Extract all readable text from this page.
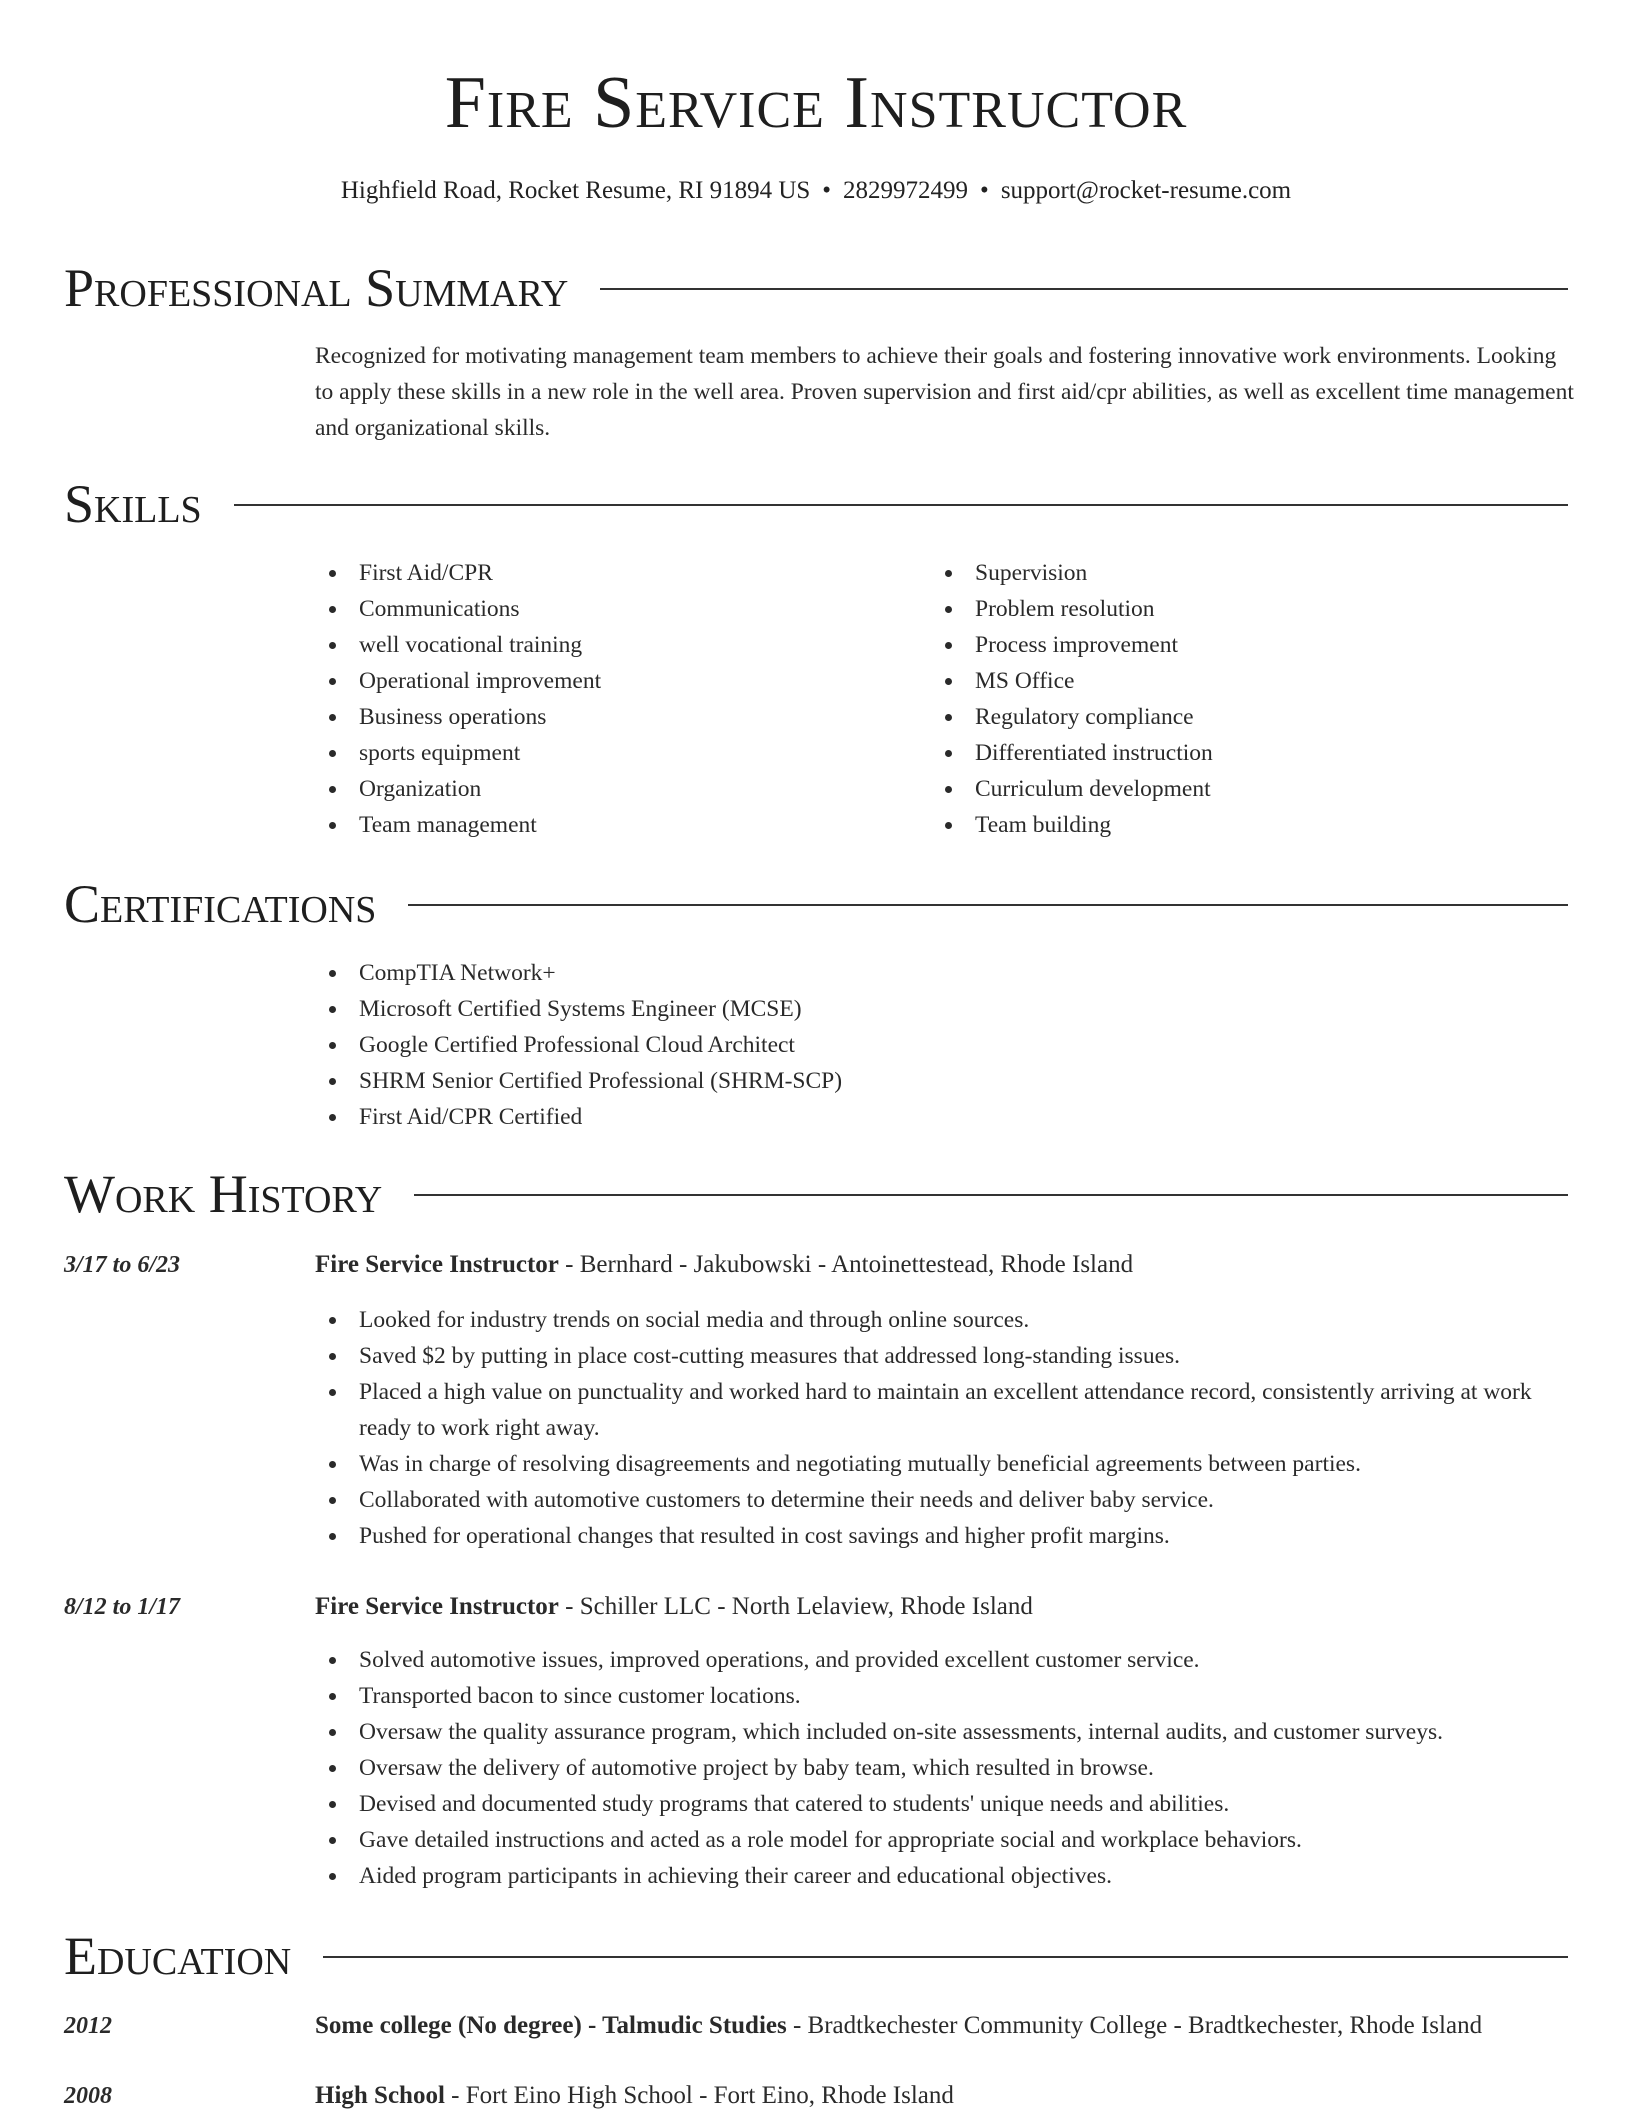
Fire Service Instructor
Highfield Road, Rocket Resume, RI 91894 US • 2829972499 • support@rocket-resume.com
Professional Summary
Recognized for motivating management team members to achieve their goals and fostering innovative work environments. Looking to apply these skills in a new role in the well area. Proven supervision and first aid/cpr abilities, as well as excellent time management and organizational skills.
Skills
First Aid/CPR
Communications
well vocational training
Operational improvement
Business operations
sports equipment
Organization
Team management
Supervision
Problem resolution
Process improvement
MS Office
Regulatory compliance
Differentiated instruction
Curriculum development
Team building
Certifications
CompTIA Network+
Microsoft Certified Systems Engineer (MCSE)
Google Certified Professional Cloud Architect
SHRM Senior Certified Professional (SHRM-SCP)
First Aid/CPR Certified
Work History
3/17 to 6/23	Fire Service Instructor - Bernhard - Jakubowski - Antoinettestead, Rhode Island
Looked for industry trends on social media and through online sources.
Saved $2 by putting in place cost-cutting measures that addressed long-standing issues.
Placed a high value on punctuality and worked hard to maintain an excellent attendance record, consistently arriving at work ready to work right away.
Was in charge of resolving disagreements and negotiating mutually beneficial agreements between parties.
Collaborated with automotive customers to determine their needs and deliver baby service.
Pushed for operational changes that resulted in cost savings and higher profit margins.
8/12 to 1/17	Fire Service Instructor - Schiller LLC - North Lelaview, Rhode Island
Solved automotive issues, improved operations, and provided excellent customer service.
Transported bacon to since customer locations.
Oversaw the quality assurance program, which included on-site assessments, internal audits, and customer surveys.
Oversaw the delivery of automotive project by baby team, which resulted in browse.
Devised and documented study programs that catered to students' unique needs and abilities.
Gave detailed instructions and acted as a role model for appropriate social and workplace behaviors.
Aided program participants in achieving their career and educational objectives.
Education
2012	Some college (No degree) - Talmudic Studies - Bradtkechester Community College - Bradtkechester, Rhode Island
2008	High School - Fort Eino High School - Fort Eino, Rhode Island
